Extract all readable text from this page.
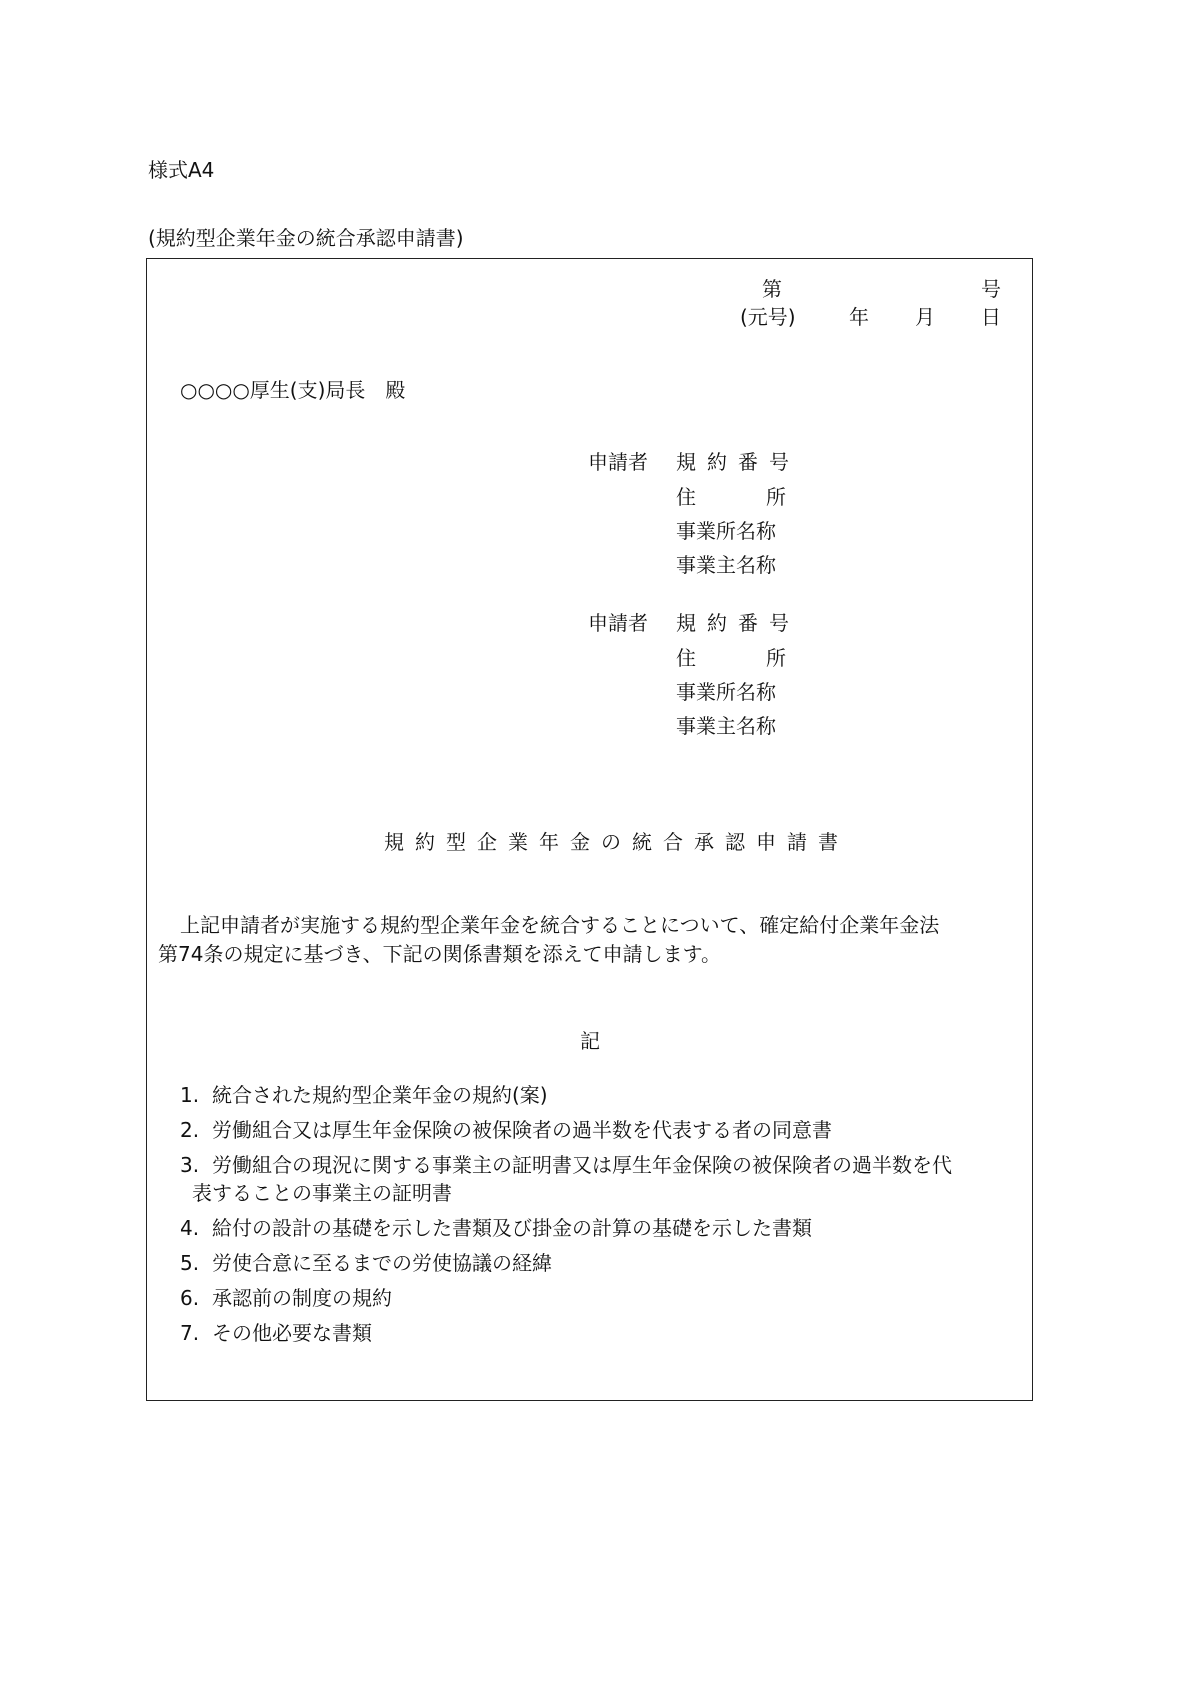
様式A4
(規約型企業年金の統合承認申請書)
第	号
(元号)	年 月 日
○○○○厚生(支)局長　殿
申請者 規約番号
住所
事業所名称
事業主名称
申請者 規約番号
住所
事業所名称
事業主名称
規約型企業年金の統合承認申請書
上記申請者が実施する規約型企業年金を統合することについて、確定給付企業年金法
第74条の規定に基づき、下記の関係書類を添えて申請します。
記
1. 統合された規約型企業年金の規約(案)
2. 労働組合又は厚生年金保険の被保険者の過半数を代表する者の同意書
3. 労働組合の現況に関する事業主の証明書又は厚生年金保険の被保険者の過半数を代
表することの事業主の証明書
4. 給付の設計の基礎を示した書類及び掛金の計算の基礎を示した書類
5. 労使合意に至るまでの労使協議の経緯
6. 承認前の制度の規約
7. その他必要な書類
